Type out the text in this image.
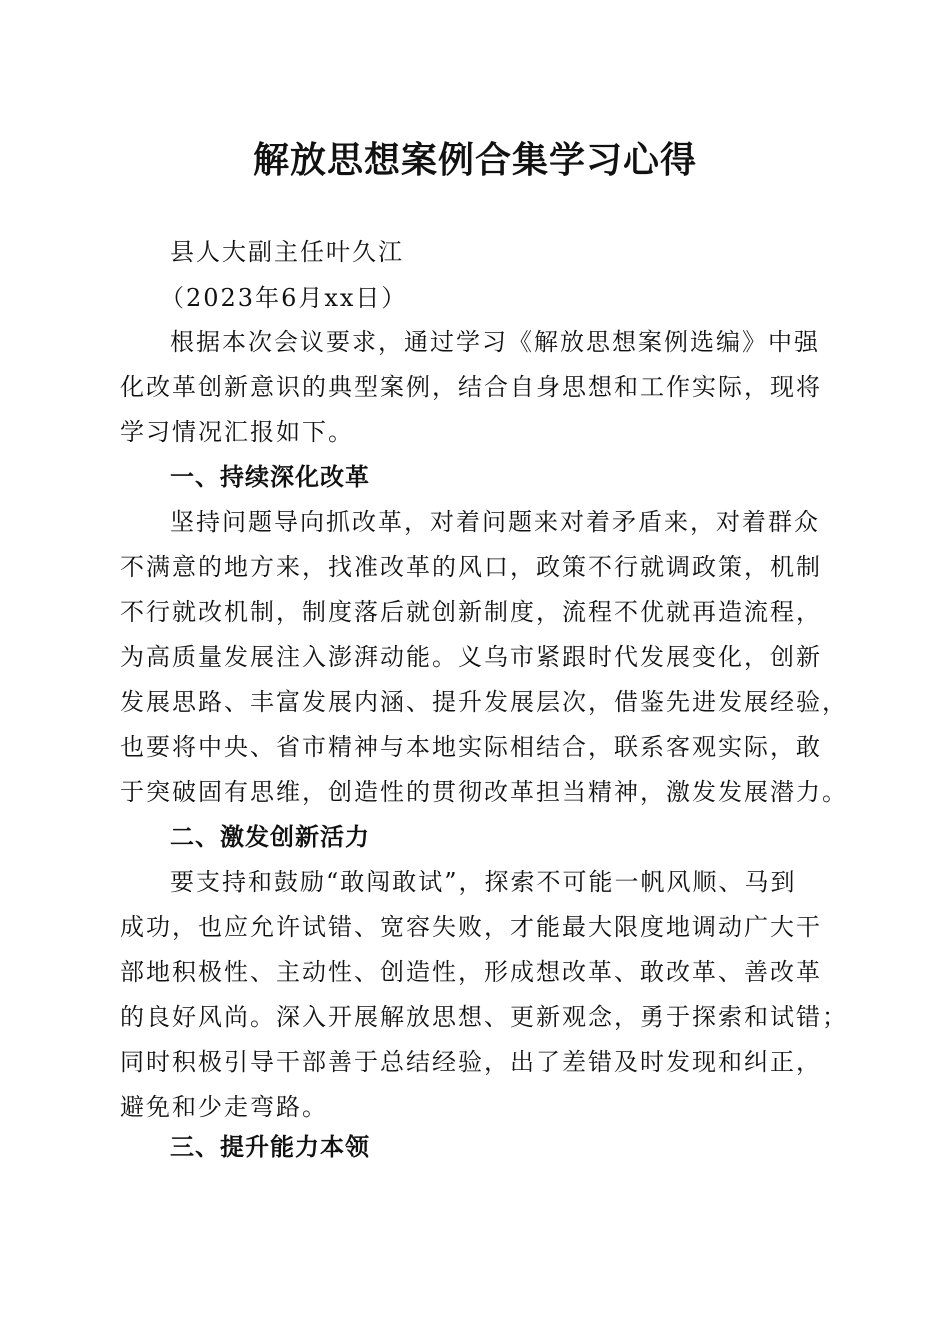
解放思想案例合集学习心得
县人大副主任叶久江
（2023年6月xx日）
根据本次会议要求，通过学习《解放思想案例选编》中强
化改革创新意识的典型案例，结合自身思想和工作实际，现将
学习情况汇报如下。
一、持续深化改革
坚持问题导向抓改革，对着问题来对着矛盾来，对着群众
不满意的地方来，找准改革的风口，政策不行就调政策，机制
不行就改机制，制度落后就创新制度，流程不优就再造流程，
为高质量发展注入澎湃动能。义乌市紧跟时代发展变化，创新
发展思路、丰富发展内涵、提升发展层次，借鉴先进发展经验，
也要将中央、省市精神与本地实际相结合，联系客观实际，敢
于突破固有思维，创造性的贯彻改革担当精神，激发发展潜力。
二、激发创新活力
要支持和鼓励“敢闯敢试”，探索不可能一帆风顺、马到
成功，也应允许试错、宽容失败，才能最大限度地调动广大干
部地积极性、主动性、创造性，形成想改革、敢改革、善改革
的良好风尚。深入开展解放思想、更新观念，勇于探索和试错；
同时积极引导干部善于总结经验，出了差错及时发现和纠正，
避免和少走弯路。
三、提升能力本领
